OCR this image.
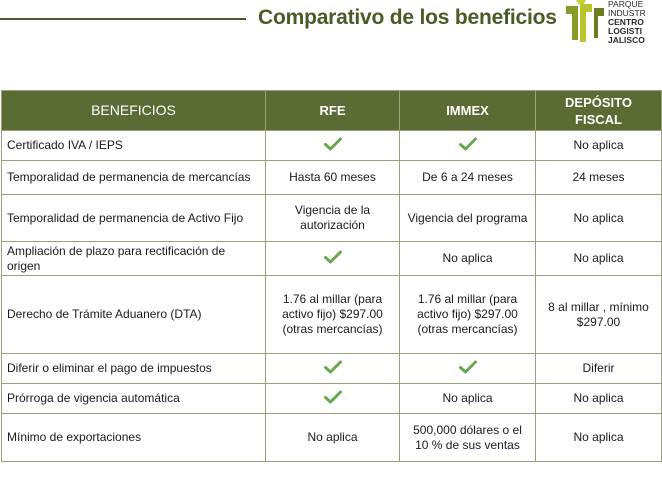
Comparativo de los beneficios
PARQUE
INDUSTR
CENTRO
LOGISTI
JALISCO
BENEFICIOS	RFE	IMMEX	DEPÓSITO FISCAL
Certificado IVA / IEPS			No aplica
Temporalidad de permanencia de mercancías	Hasta 60 meses	De 6 a 24 meses	24 meses
Temporalidad de permanencia de Activo Fijo	Vigencia de la autorización	Vigencia del programa	No aplica
Ampliación de plazo para rectificación de origen		No aplica	No aplica
Derecho de Trámite Aduanero (DTA)	1.76 al millar (para activo fijo) $297.00 (otras mercancías)	1.76 al millar (para activo fijo) $297.00 (otras mercancías)	8 al millar , mínimo $297.00
Diferir o eliminar el pago de impuestos			Diferir
Prórroga de vigencia automática		No aplica	No aplica
Mínimo de exportaciones	No aplica	500,000 dólares o el 10 % de sus ventas	No aplica
